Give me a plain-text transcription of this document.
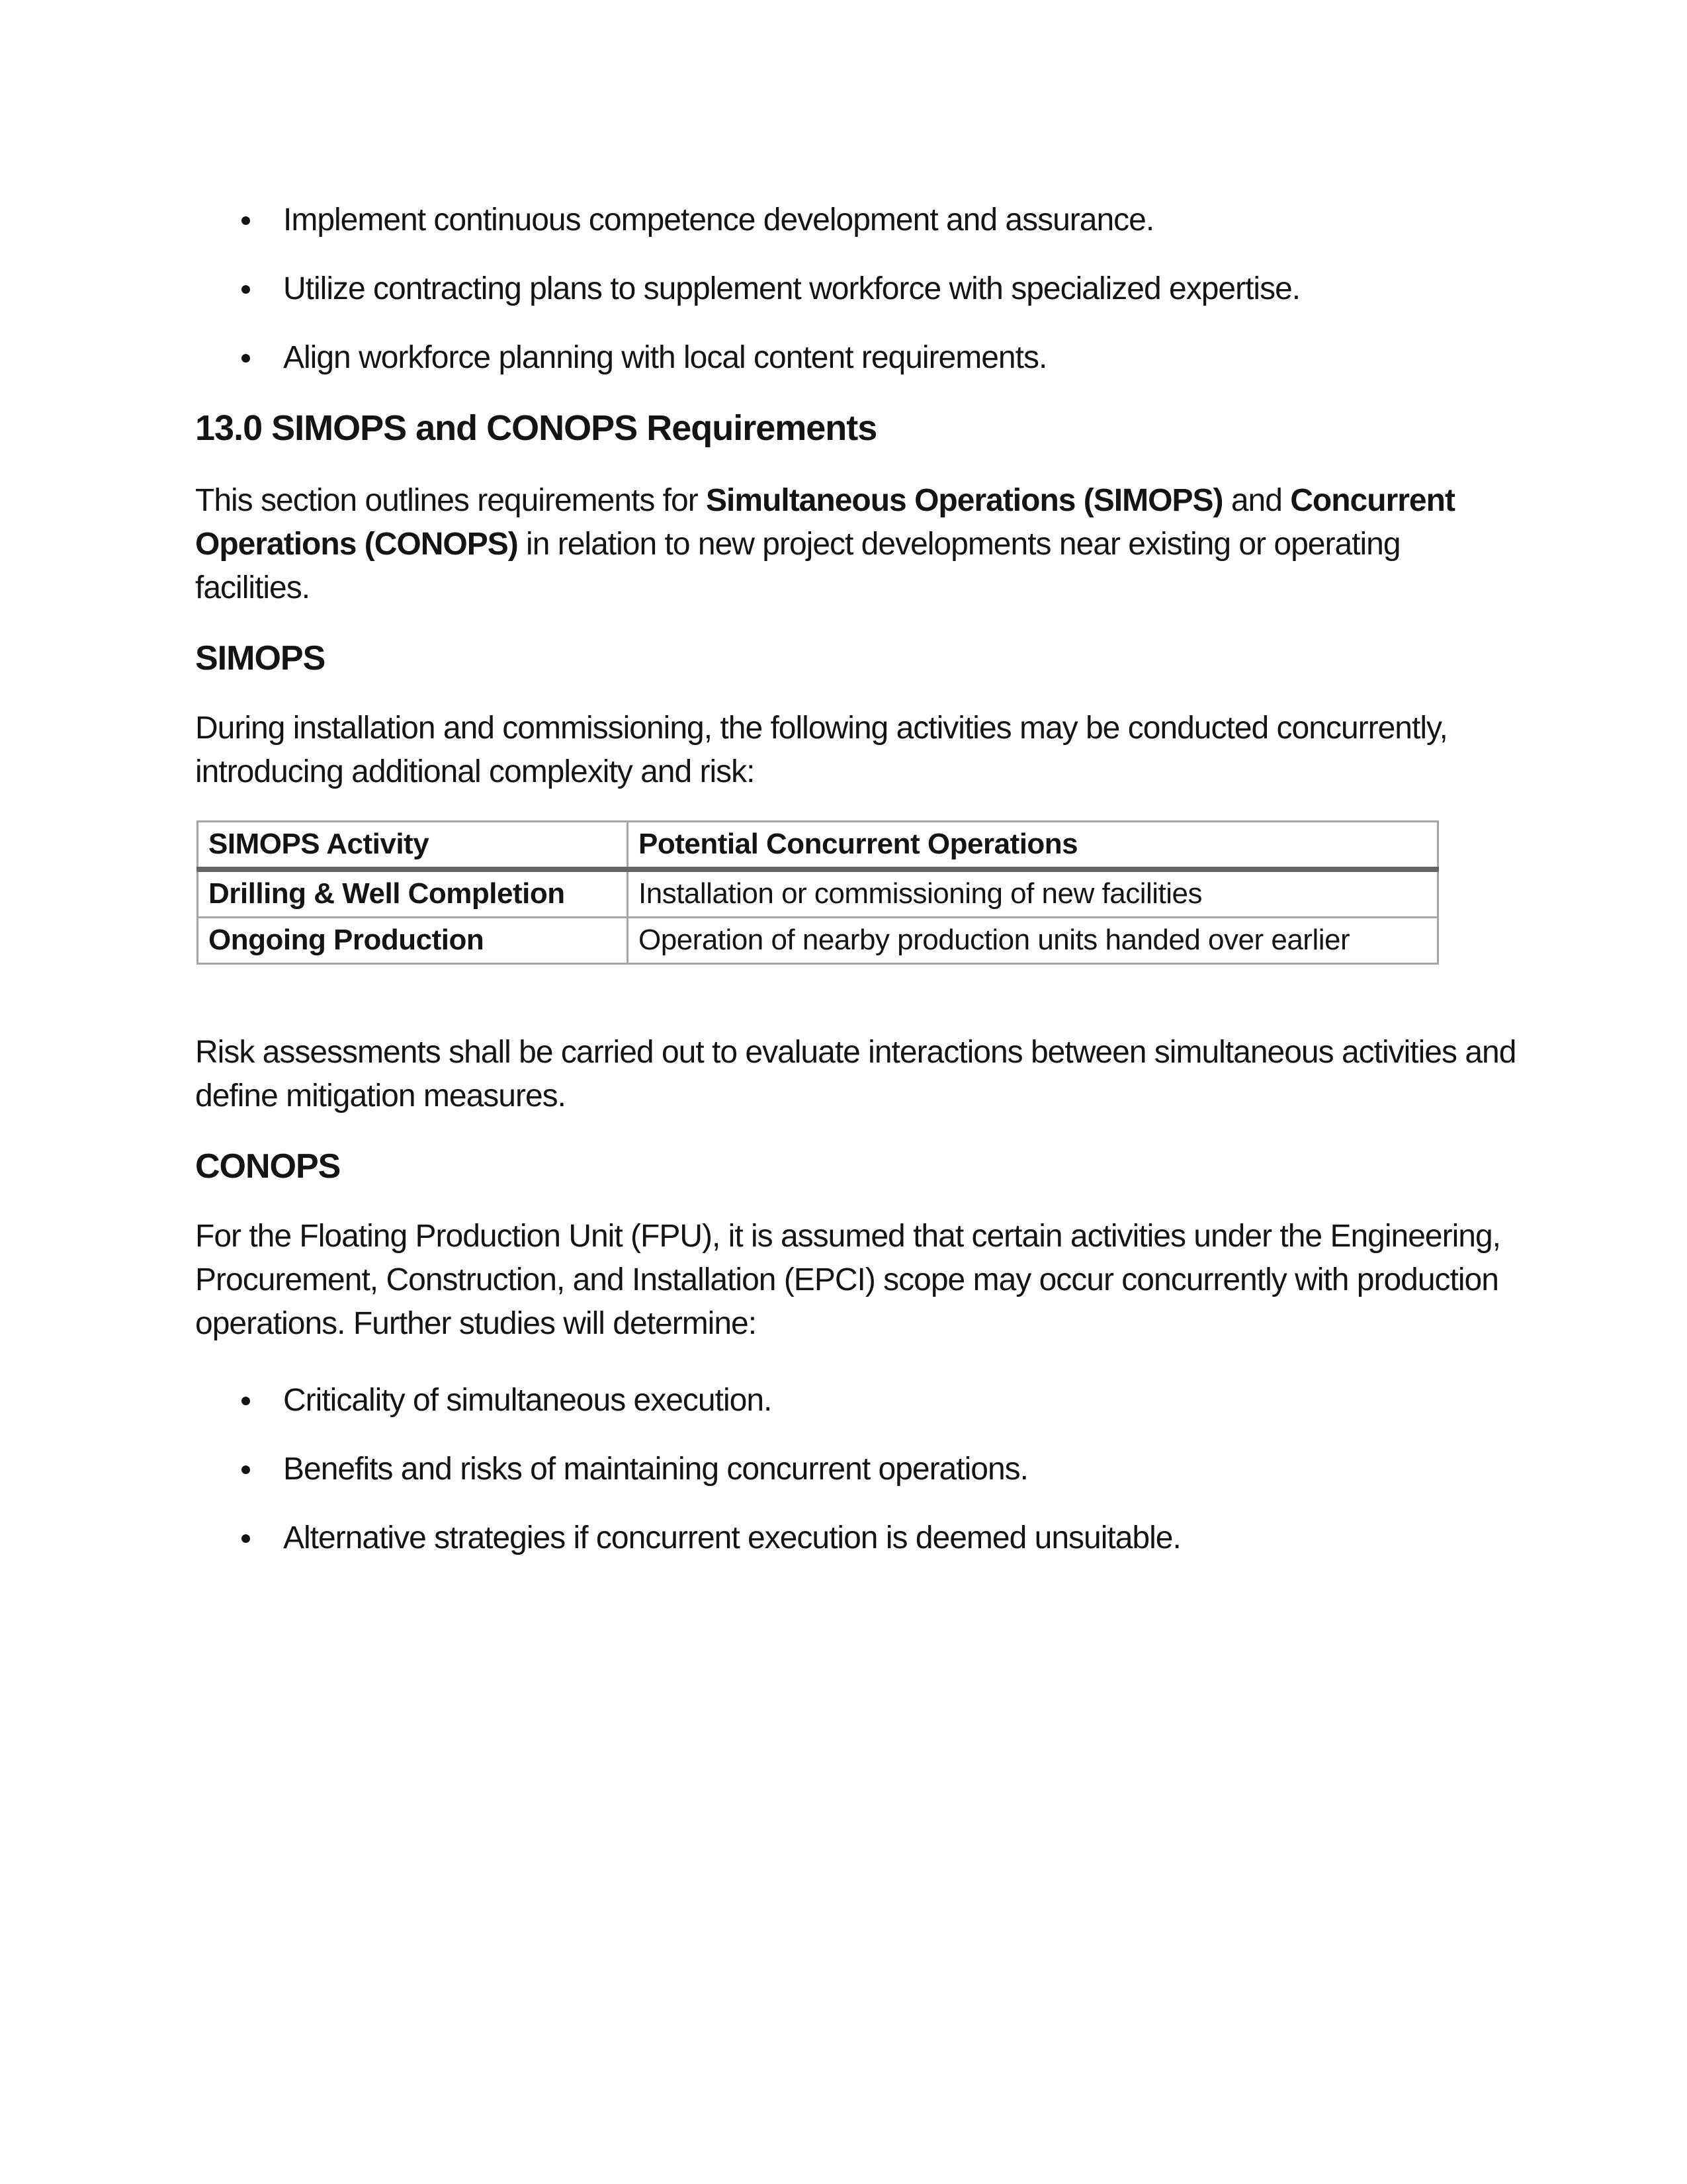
Implement continuous competence development and assurance.
Utilize contracting plans to supplement workforce with specialized expertise.
Align workforce planning with local content requirements.
13.0 SIMOPS and CONOPS Requirements

This section outlines requirements for Simultaneous Operations (SIMOPS) and Concurrent Operations (CONOPS) in relation to new project developments near existing or operating facilities.

SIMOPS

During installation and commissioning, the following activities may be conducted concurrently, introducing additional complexity and risk:

SIMOPS Activity	Potential Concurrent Operations
Drilling & Well Completion	Installation or commissioning of new facilities
Ongoing Production	Operation of nearby production units handed over earlier

Risk assessments shall be carried out to evaluate interactions between simultaneous activities and define mitigation measures.

CONOPS

For the Floating Production Unit (FPU), it is assumed that certain activities under the Engineering, Procurement, Construction, and Installation (EPCI) scope may occur concurrently with production operations. Further studies will determine:

Criticality of simultaneous execution.
Benefits and risks of maintaining concurrent operations.
Alternative strategies if concurrent execution is deemed unsuitable.
